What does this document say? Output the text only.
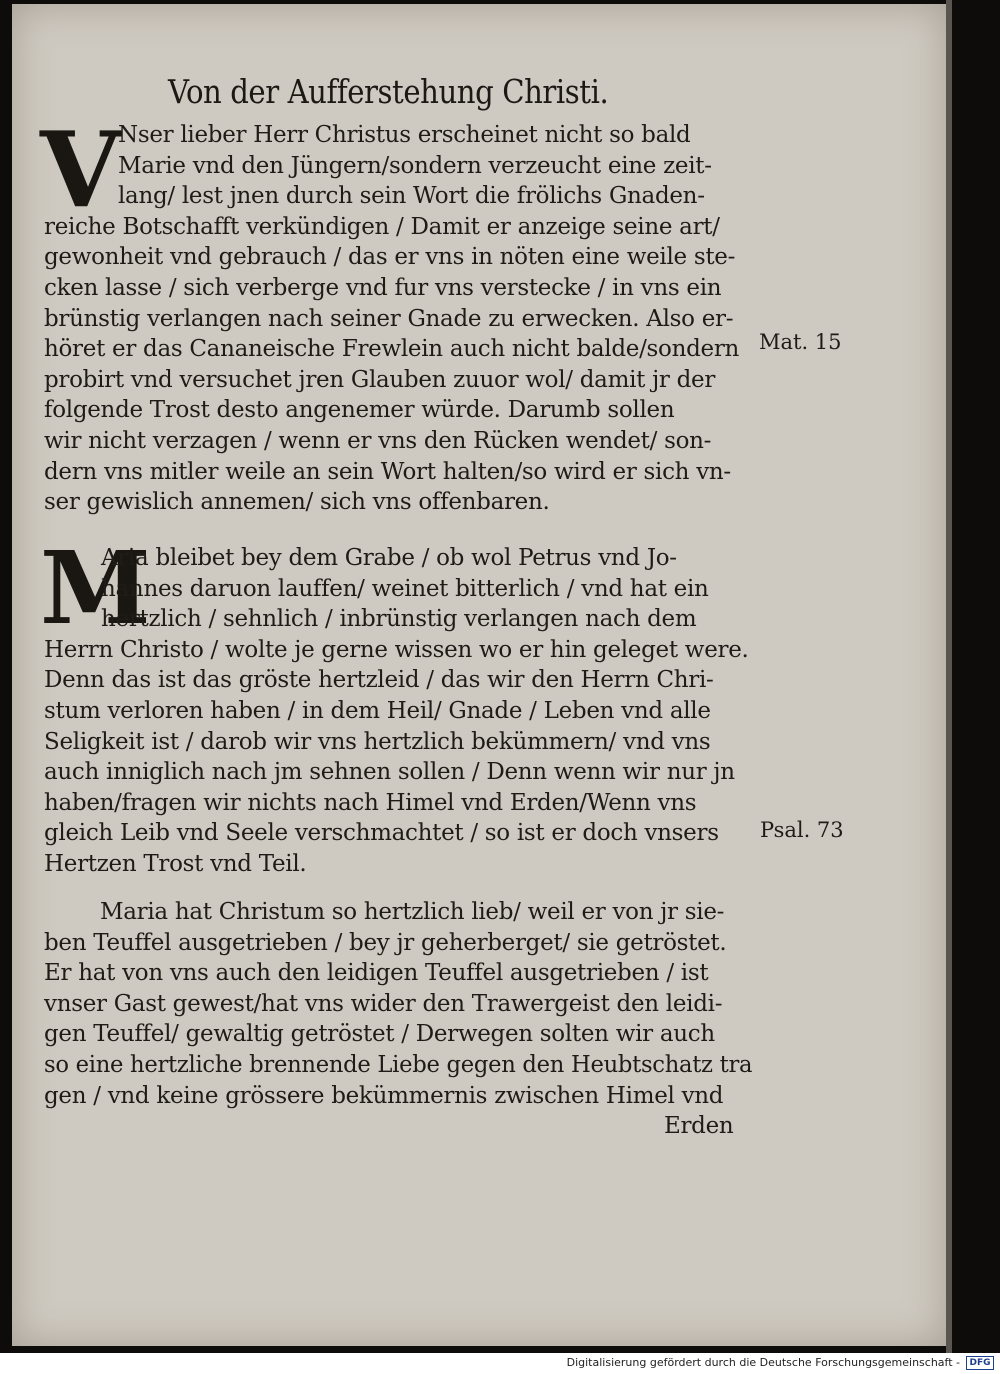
Von der Aufferstehung Christi.
V
M
Nser lieber Herr Christus erscheinet nicht so bald
Marie vnd den Jüngern/sondern verzeucht eine zeit-
lang/ lest jnen durch sein Wort die frölichs Gnaden-
reiche Botschafft verkündigen / Damit er anzeige seine art/
gewonheit vnd gebrauch / das er vns in nöten eine weile ste-
cken lasse / sich verberge vnd fur vns verstecke / in vns ein
brünstig verlangen nach seiner Gnade zu erwecken. Also er-
höret er das Cananeische Frewlein auch nicht balde/sondern
probirt vnd versuchet jren Glauben zuuor wol/ damit jr der
folgende Trost desto angenemer würde. Darumb sollen
wir nicht verzagen / wenn er vns den Rücken wendet/ son-
dern vns mitler weile an sein Wort halten/so wird er sich vn-
ser gewislich annemen/ sich vns offenbaren.
Aria bleibet bey dem Grabe / ob wol Petrus vnd Jo-
hannes daruon lauffen/ weinet bitterlich / vnd hat ein
hertzlich / sehnlich / inbrünstig verlangen nach dem
Herrn Christo / wolte je gerne wissen wo er hin geleget were.
Denn das ist das gröste hertzleid / das wir den Herrn Chri-
stum verloren haben / in dem Heil/ Gnade / Leben vnd alle
Seligkeit ist / darob wir vns hertzlich bekümmern/ vnd vns
auch inniglich nach jm sehnen sollen / Denn wenn wir nur jn
haben/fragen wir nichts nach Himel vnd Erden/Wenn vns
gleich Leib vnd Seele verschmachtet / so ist er doch vnsers
Hertzen Trost vnd Teil.
Maria hat Christum so hertzlich lieb/ weil er von jr sie-
ben Teuffel ausgetrieben / bey jr geherberget/ sie getröstet.
Er hat von vns auch den leidigen Teuffel ausgetrieben / ist
vnser Gast gewest/hat vns wider den Trawergeist den leidi-
gen Teuffel/ gewaltig getröstet / Derwegen solten wir auch
so eine hertzliche brennende Liebe gegen den Heubtschatz tra
gen / vnd keine grössere bekümmernis zwischen Himel vnd
Erden
Mat. 15
Psal. 73
Digitalisierung gefördert durch die Deutsche Forschungsgemeinschaft -	DFG
